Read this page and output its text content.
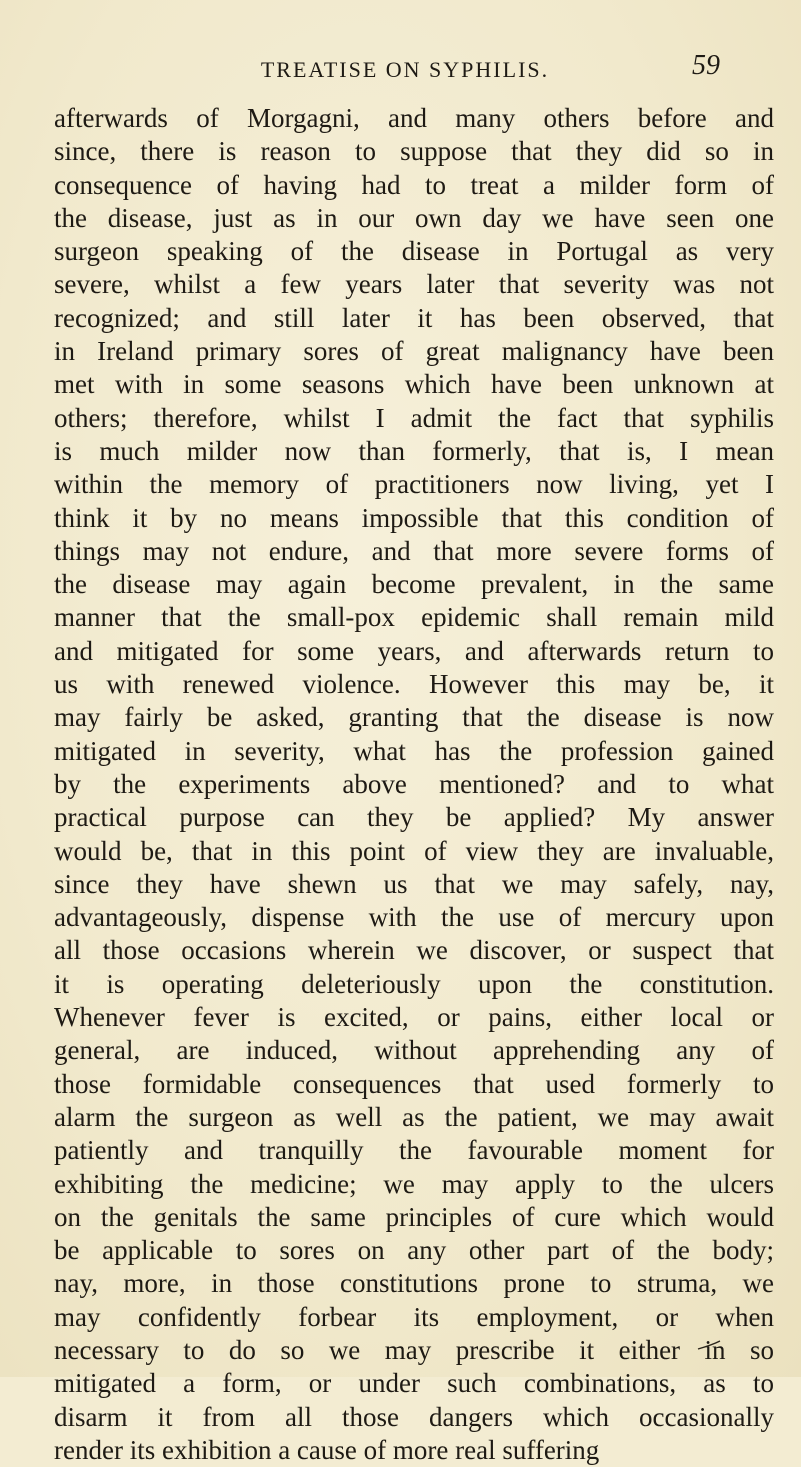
TREATISE ON SYPHILIS.	59
afterwards of Morgagni, and many others before and
since, there is reason to suppose that they did so in
consequence of having had to treat a milder form of
the disease, just as in our own day we have seen one
surgeon speaking of the disease in Portugal as very
severe, whilst a few years later that severity was not
recognized; and still later it has been observed, that
in Ireland primary sores of great malignancy have been
met with in some seasons which have been unknown at
others; therefore, whilst I admit the fact that syphilis
is much milder now than formerly, that is, I mean
within the memory of practitioners now living, yet I
think it by no means impossible that this condition of
things may not endure, and that more severe forms of
the disease may again become prevalent, in the same
manner that the small-pox epidemic shall remain mild
and mitigated for some years, and afterwards return to
us with renewed violence. However this may be, it
may fairly be asked, granting that the disease is now
mitigated in severity, what has the profession gained
by the experiments above mentioned? and to what
practical purpose can they be applied? My answer
would be, that in this point of view they are invaluable,
since they have shewn us that we may safely, nay,
advantageously, dispense with the use of mercury upon
all those occasions wherein we discover, or suspect that
it is operating deleteriously upon the constitution.
Whenever fever is excited, or pains, either local or
general, are induced, without apprehending any of
those formidable consequences that used formerly to
alarm the surgeon as well as the patient, we may await
patiently and tranquilly the favourable moment for
exhibiting the medicine; we may apply to the ulcers
on the genitals the same principles of cure which would
be applicable to sores on any other part of the body;
nay, more, in those constitutions prone to struma, we
may confidently forbear its employment, or when
necessary to do so we may prescribe it either in so
mitigated a form, or under such combinations, as to
disarm it from all those dangers which occasionally
render its exhibition a cause of more real suffering
